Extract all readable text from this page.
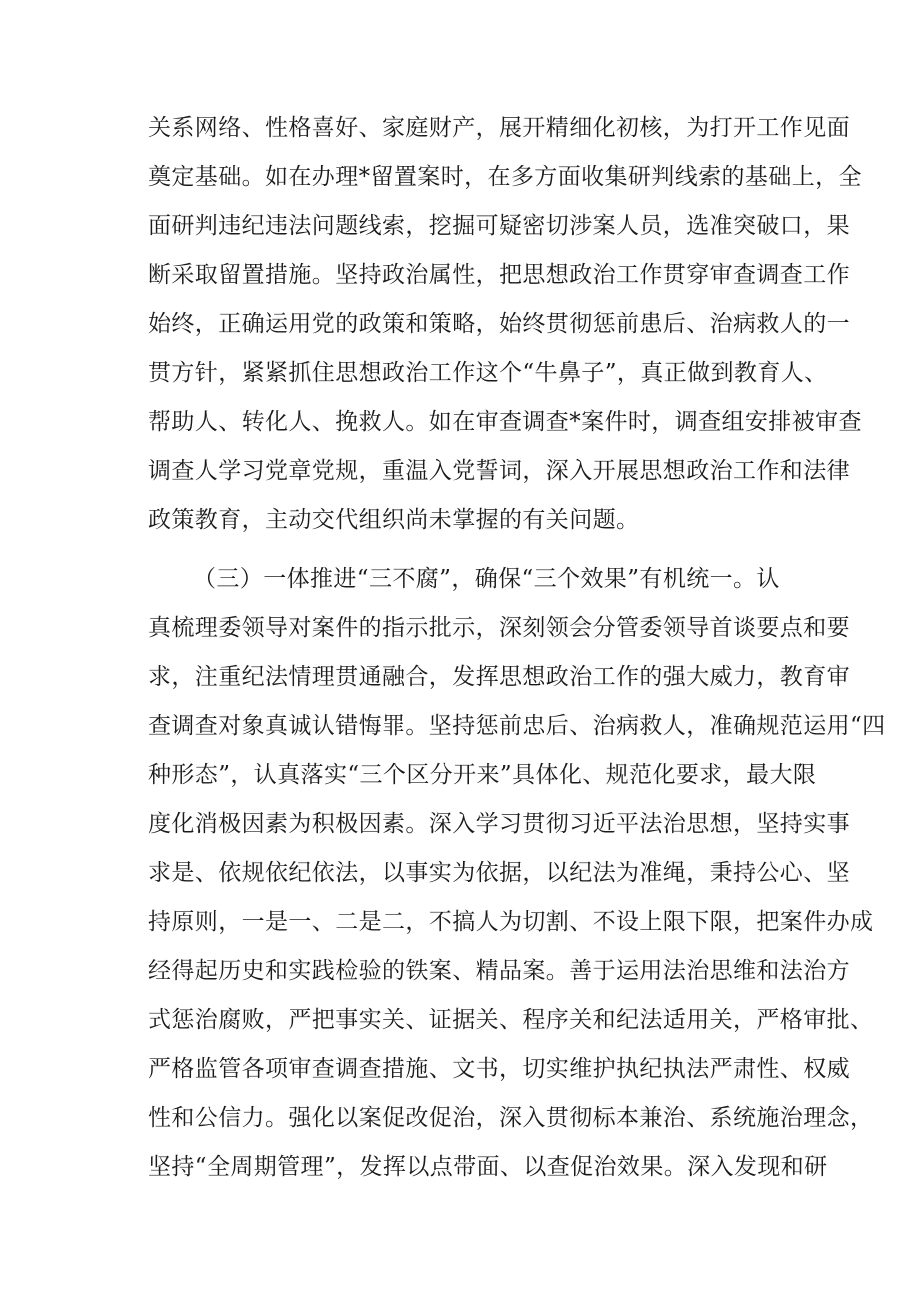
关系网络、性格喜好、家庭财产，展开精细化初核，为打开工作见面
奠定基础。如在办理*留置案时，在多方面收集研判线索的基础上，全
面研判违纪违法问题线索，挖掘可疑密切涉案人员，选准突破口，果
断采取留置措施。坚持政治属性，把思想政治工作贯穿审查调查工作
始终，正确运用党的政策和策略，始终贯彻惩前患后、治病救人的一
贯方针，紧紧抓住思想政治工作这个“牛鼻子”，真正做到教育人、
帮助人、转化人、挽救人。如在审查调查*案件时，调查组安排被审查
调查人学习党章党规，重温入党誓词，深入开展思想政治工作和法律
政策教育，主动交代组织尚未掌握的有关问题。
（三）一体推进“三不腐”，确保“三个效果”有机统一。认
真梳理委领导对案件的指示批示，深刻领会分管委领导首谈要点和要
求，注重纪法情理贯通融合，发挥思想政治工作的强大威力，教育审
查调查对象真诚认错悔罪。坚持惩前忠后、治病救人，准确规范运用“四
种形态”，认真落实“三个区分开来”具体化、规范化要求，最大限
度化消极因素为积极因素。深入学习贯彻习近平法治思想，坚持实事
求是、依规依纪依法，以事实为依据，以纪法为准绳，秉持公心、坚
持原则，一是一、二是二，不搞人为切割、不设上限下限，把案件办成
经得起历史和实践检验的铁案、精品案。善于运用法治思维和法治方
式惩治腐败，严把事实关、证据关、程序关和纪法适用关，严格审批、
严格监管各项审查调查措施、文书，切实维护执纪执法严肃性、权威
性和公信力。强化以案促改促治，深入贯彻标本兼治、系统施治理念，
坚持“全周期管理”，发挥以点带面、以查促治效果。深入发现和研
